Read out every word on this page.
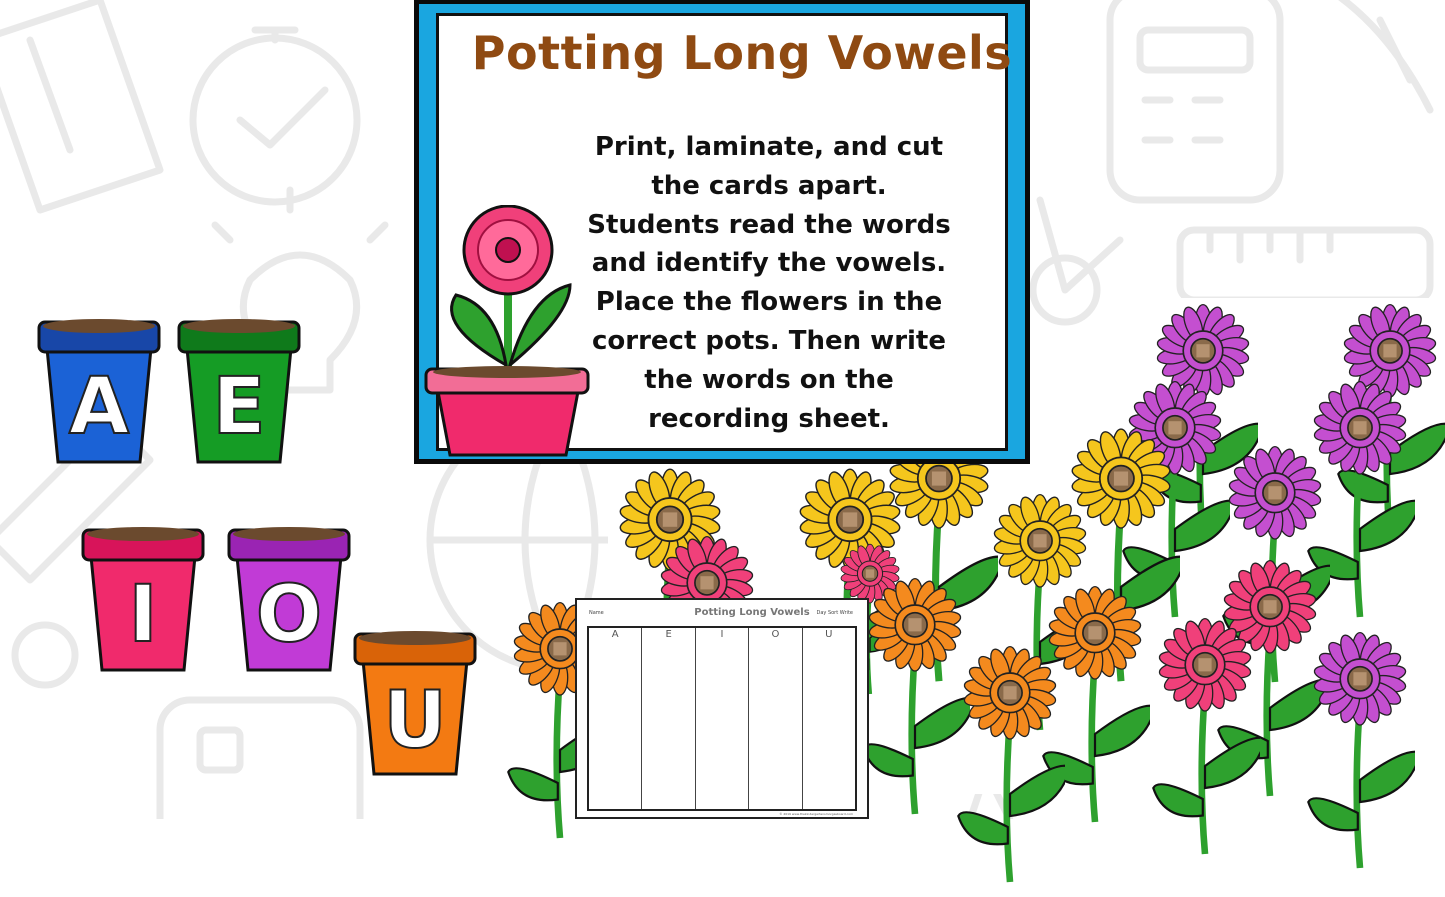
A	E
I	O
U
Potting Long Vowels
Print, laminate, and cut
the cards apart.
Students read the words
and identify the vowels.
Place the flowers in the
correct pots. Then write
the words on the
recording sheet.
Name	Potting Long Vowels	Day Sort Write
A	E	I	O	U
© 2019 www.thekindergartensmorgasboard.com
